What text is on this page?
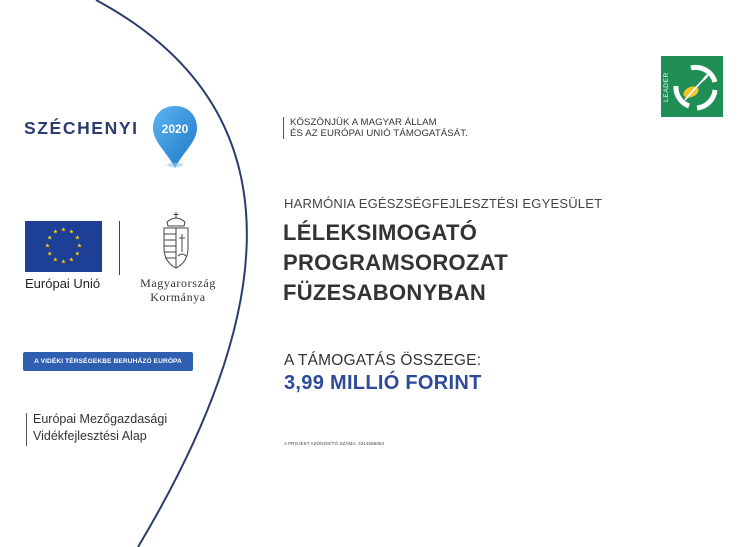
SZÉCHENYI 2020
★ ★
★
★
★
★
★
★
★
★
★
★
Európai Unió	Magyarország
Kormánya
A VIDÉKI TÉRSÉGEKBE BERUHÁZÓ EURÓPA
Európai Mezőgazdasági
Vidékfejlesztési Alap
KÖSZÖNJÜK A MAGYAR ÁLLAM
ÉS AZ EURÓPAI UNIÓ TÁMOGATÁSÁT.
LEADER
HARMÓNIA EGÉSZSÉGFEJLESZTÉSI EGYESÜLET
LÉLEKSIMOGATÓ
PROGRAMSOROZAT
FÜZESABONYBAN
A TÁMOGATÁS ÖSSZEGE:
3,99 MILLIÓ FORINT
A PROJEKT AZONOSÍTÓ SZÁMA: 3314586054
